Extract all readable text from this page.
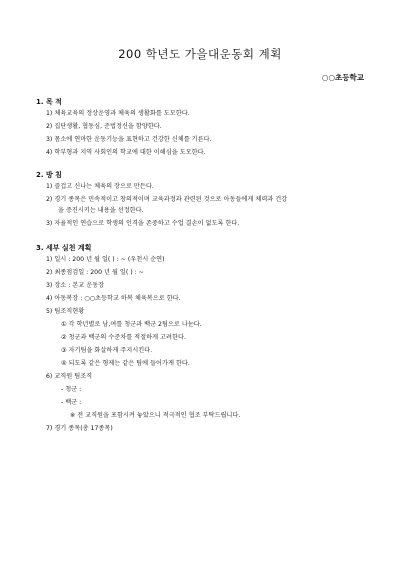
200 학년도 가을대운동회 계획
○○초등학교
1. 목 적
1) 체육교육의 정상운영과 체육의 생활화를 도모한다.
2) 집단생활, 협동심, 준법정신을 함양한다.
3) 몸소에 연마한 운동기능을 표현하고 건강한 신체를 기른다.
4) 학부형과 지역 사회인의 학교에 대한 이해심을 도모한다.
2. 방 침
1) 즐겁고 신나는 체육의 장으로 만든다.
2) 경기 종목은 민속적이고 창의적이며 교육과정과 관련된 것으로 아동들에게 체력과 건강
을 증진시키는 내용을 선정한다.
3) 자율적인 연습으로 학생의 인격을 존중하고 수업 결손이 없도록 한다.
3. 세부 실천 계획
1) 일시 : 200 년 월 일( ) : ~ (우천시 순연)
2) 최종점검일 : 200 년 월 일( ) : ~
3) 장소 : 본교 운동장
4) 아동복장 : ○○초등학교 하복 체육복으로 한다.
5) 팀조직현황
① 각 학년별로 남,여를 청군과 백군 2팀으로 나눈다.
② 청군과 백군의 수준차를 적절하게 고려한다.
③ 자기팀을 화살하게 주지시킨다.
④ 되도록 같은 형제는 같은 팀에 들어가게 한다.
6) 교직원 팀조직
- 청군 :
- 백군 :
※ 전 교직원을 포함시켜 놓았으니 적극적인 협조 부탁드립니다.
7) 경기 종목(총 17종목)
